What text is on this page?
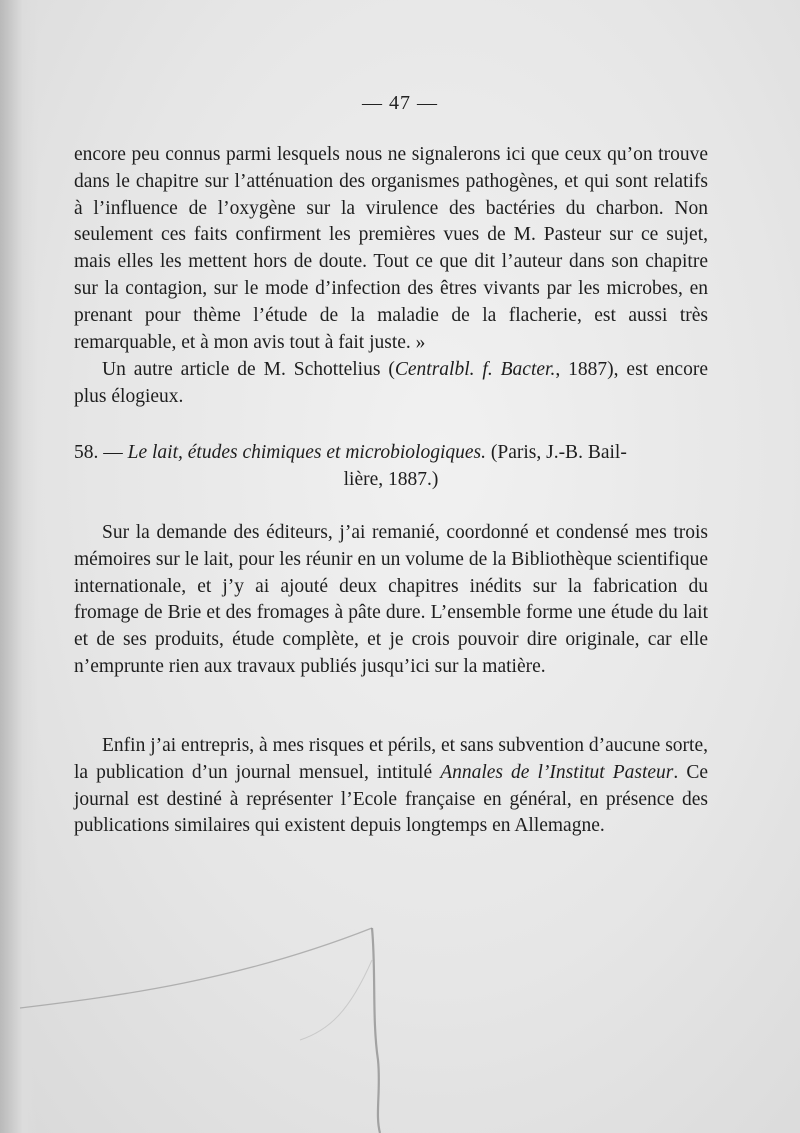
— 47 —
encore peu connus parmi lesquels nous ne signalerons ici que ceux qu’on trouve dans le chapitre sur l’atténuation des organismes pathogènes, et qui sont relatifs à l’influence de l’oxygène sur la virulence des bactéries du charbon. Non seulement ces faits confirment les premières vues de M. Pasteur sur ce sujet, mais elles les mettent hors de doute. Tout ce que dit l’auteur dans son chapitre sur la contagion, sur le mode d’infection des êtres vivants par les microbes, en prenant pour thème l’étude de la maladie de la flacherie, est aussi très remarquable, et à mon avis tout à fait juste. »
Un autre article de M. Schottelius (Centralbl. f. Bacter., 1887), est encore plus élogieux.
58. — Le lait, études chimiques et microbiologiques. (Paris, J.-B. Bail-
lière, 1887.)
Sur la demande des éditeurs, j’ai remanié, coordonné et condensé mes trois mémoires sur le lait, pour les réunir en un volume de la Bibliothèque scientifique internationale, et j’y ai ajouté deux chapitres inédits sur la fabrication du fromage de Brie et des fromages à pâte dure. L’ensemble forme une étude du lait et de ses produits, étude complète, et je crois pouvoir dire originale, car elle n’emprunte rien aux travaux publiés jusqu’ici sur la matière.
Enfin j’ai entrepris, à mes risques et périls, et sans subvention d’aucune sorte, la publication d’un journal mensuel, intitulé Annales de l’Institut Pasteur. Ce journal est destiné à représenter l’Ecole française en général, en présence des publications similaires qui existent depuis longtemps en Allemagne.
